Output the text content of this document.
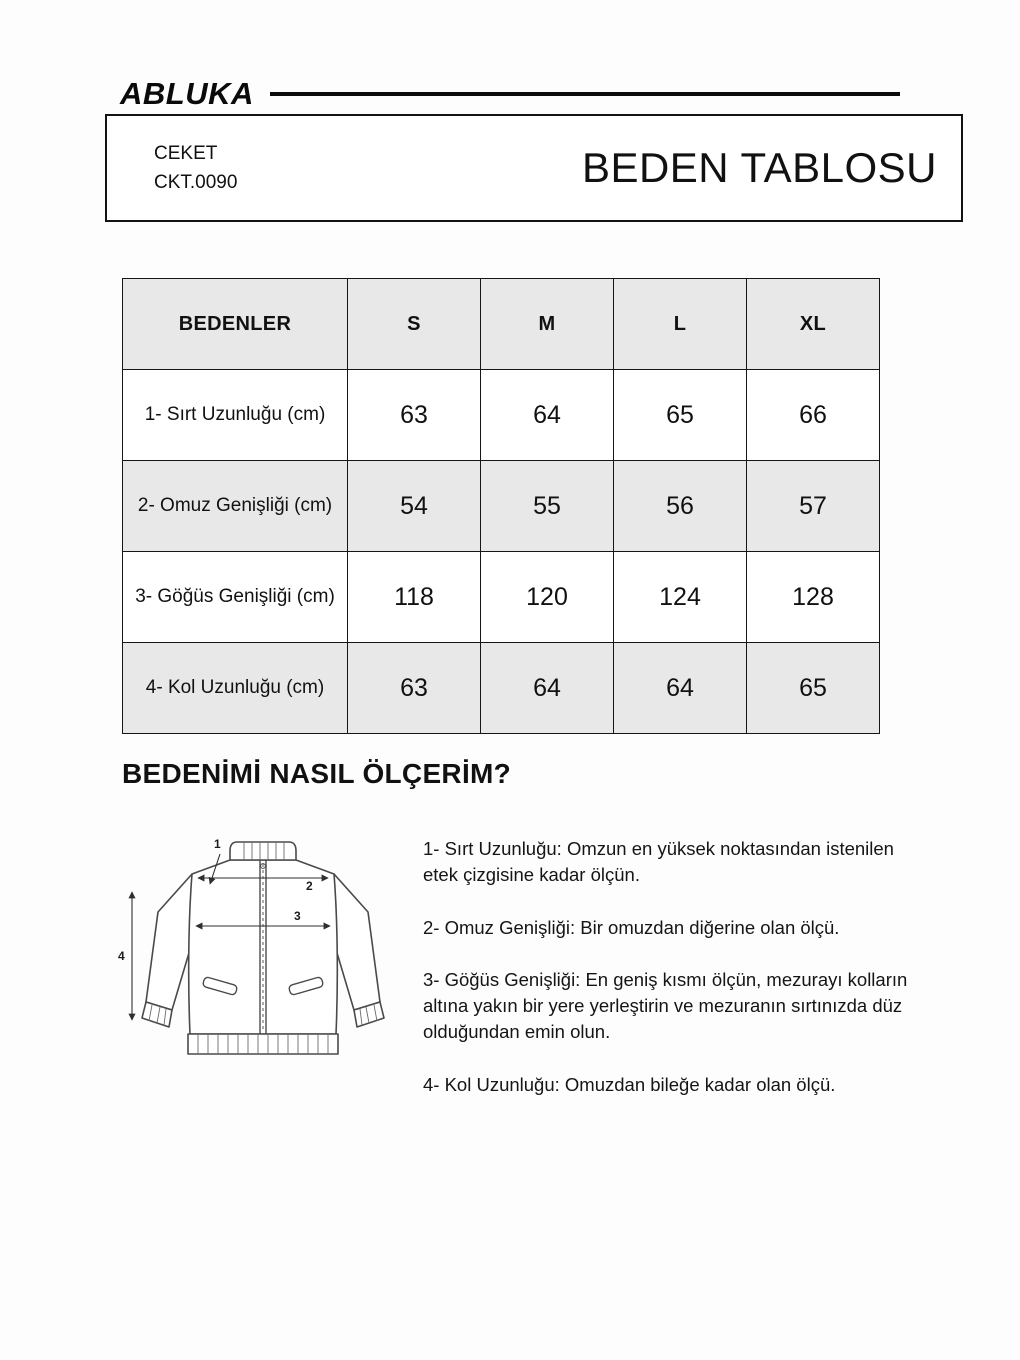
ABLUKA
CEKET
CKT.0090	BEDEN TABLOSU
BEDENLER	S	M	L	XL
1- Sırt Uzunluğu (cm)	63	64	65	66
2- Omuz Genişliği (cm)	54	55	56	57
3- Göğüs Genişliği (cm)	118	120	124	128
4- Kol Uzunluğu (cm)	63	64	64	65
BEDENİMİ NASIL ÖLÇERİM?
1
2
3
4

1- Sırt Uzunluğu: Omzun en yüksek noktasından istenilen etek çizgisine kadar ölçün.

2- Omuz Genişliği: Bir omuzdan diğerine olan ölçü.

3- Göğüs Genişliği: En geniş kısmı ölçün, mezurayı kolların altına yakın bir yere yerleştirin ve mezuranın sırtınızda düz olduğundan emin olun.

4- Kol Uzunluğu: Omuzdan bileğe kadar olan ölçü.
